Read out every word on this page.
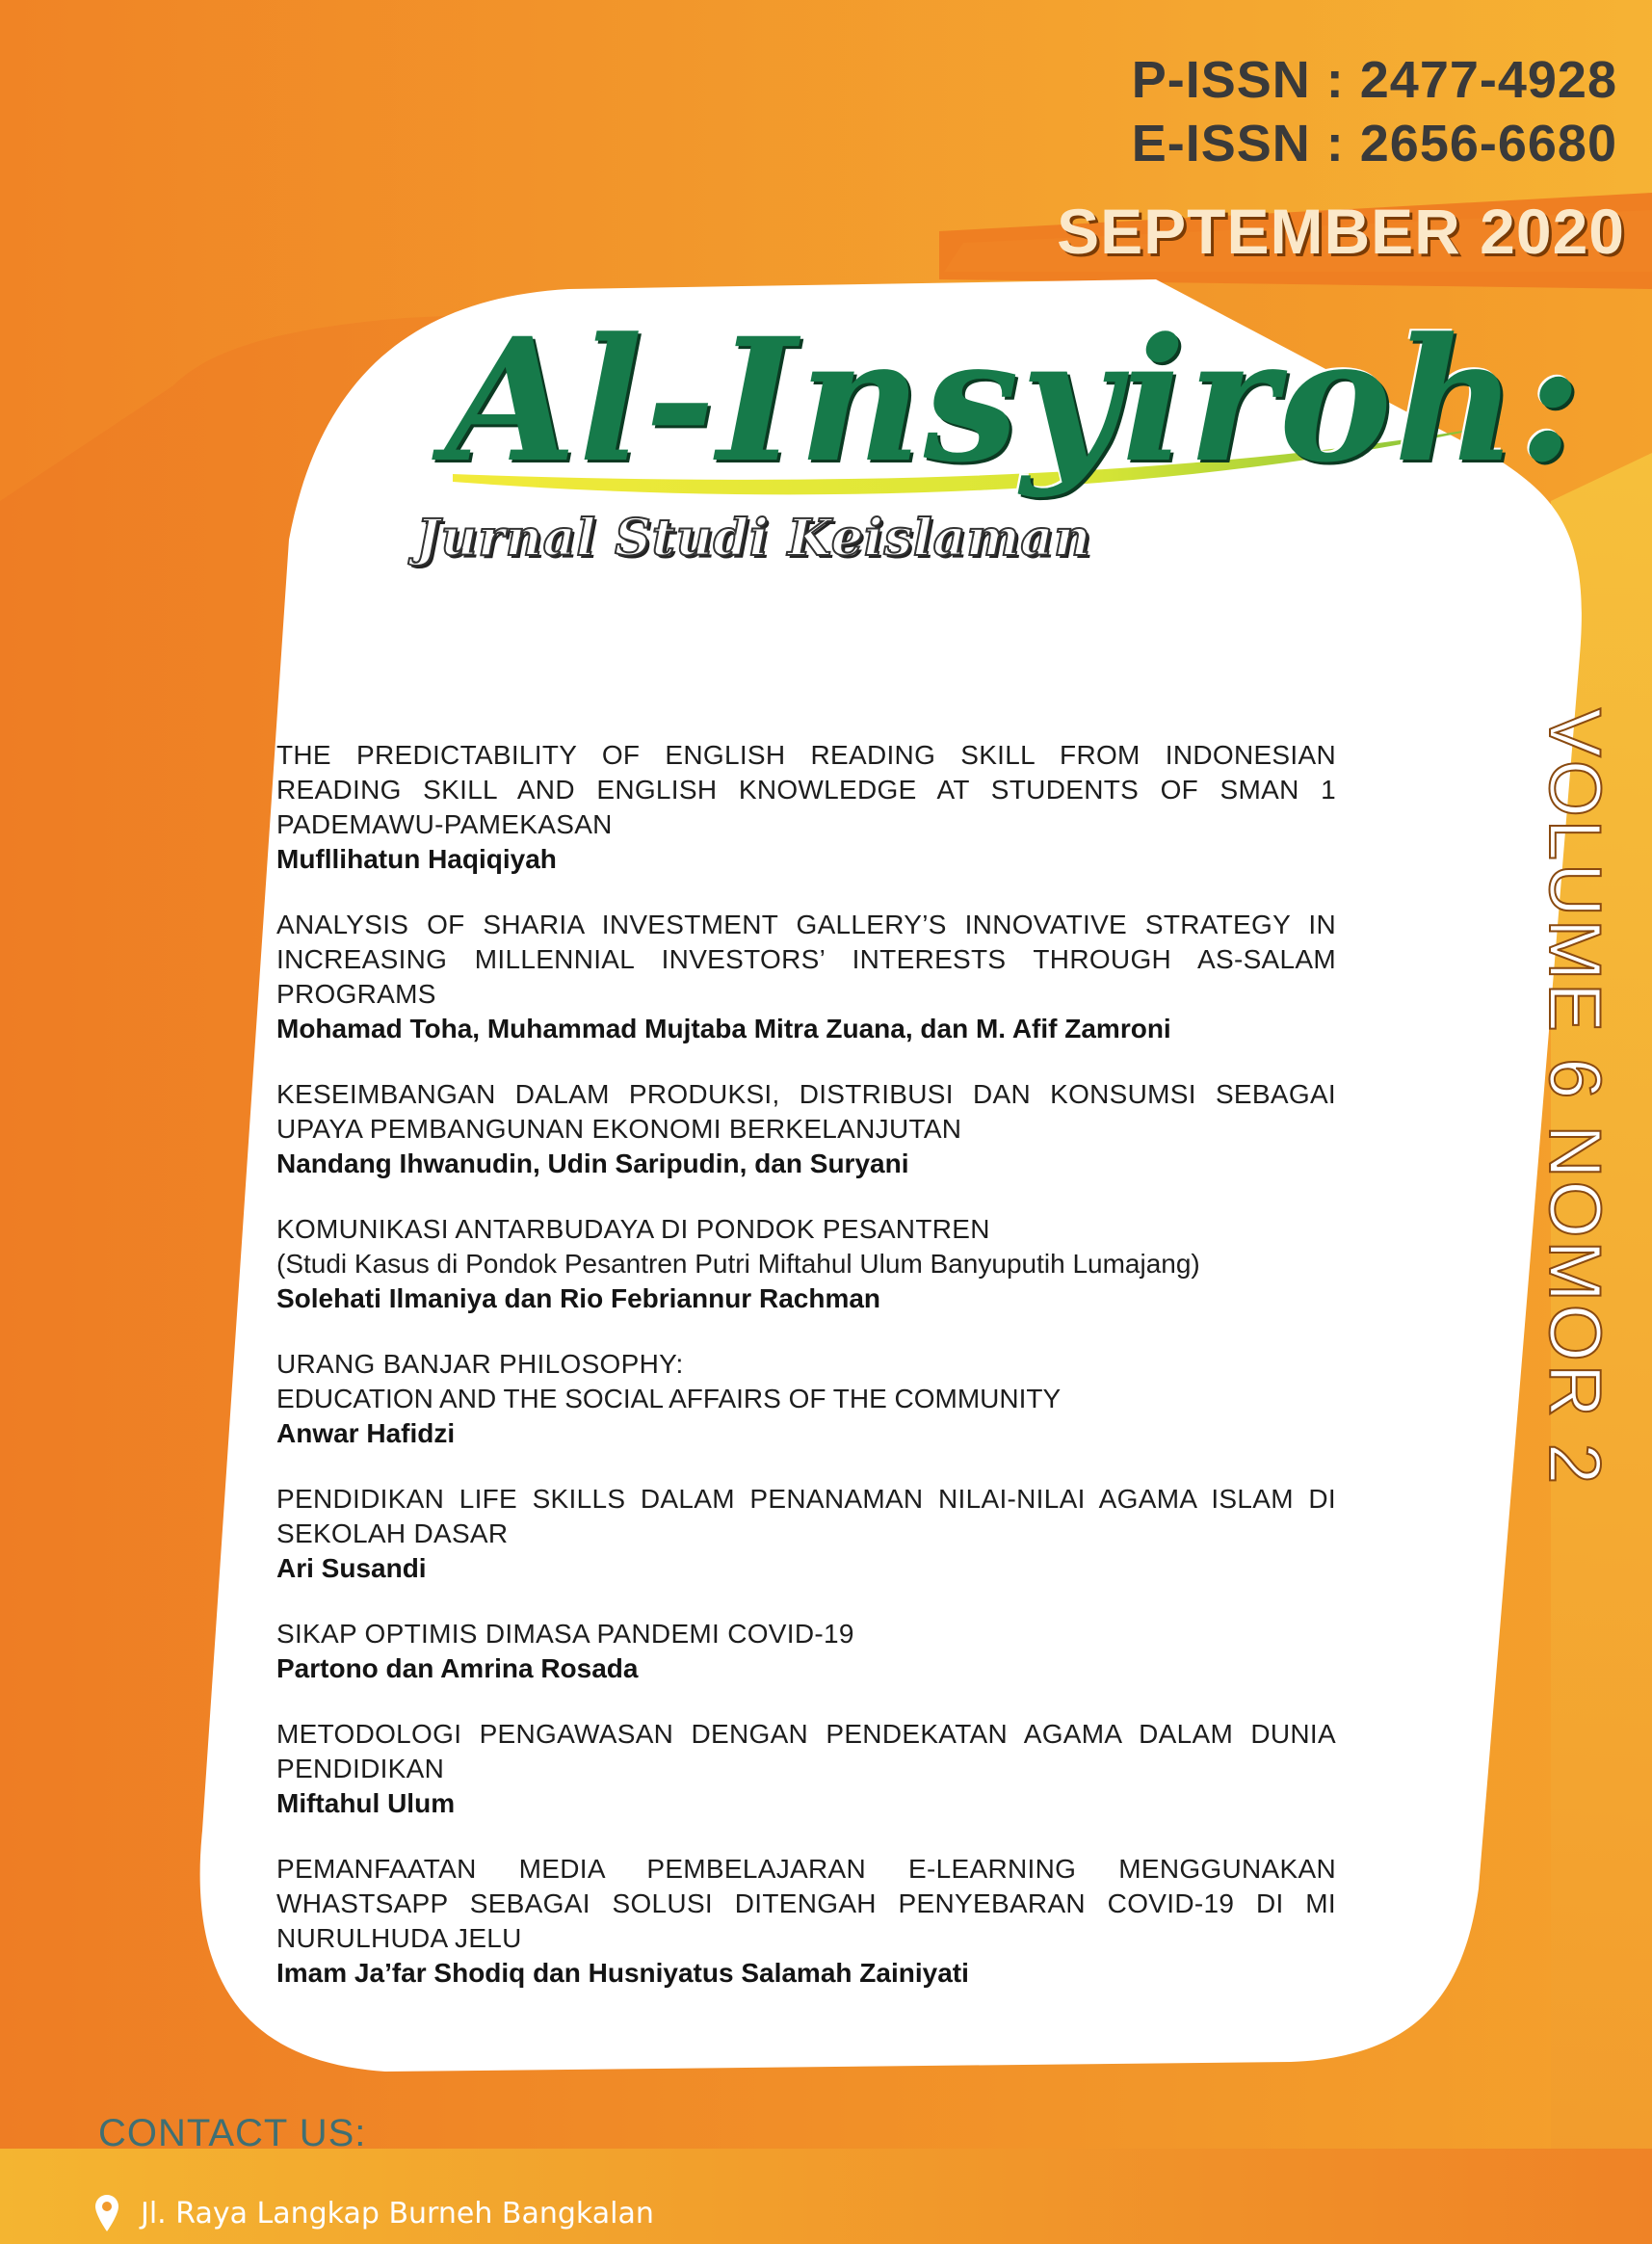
P-ISSN : 2477-4928
E-ISSN : 2656-6680
SEPTEMBER 2020
Al-Insyiroh:
Jurnal Studi Keislaman
VOLUME 6 NOMOR 2
THE PREDICTABILITY OF ENGLISH READING SKILL FROM INDONESIAN READING SKILL AND ENGLISH KNOWLEDGE AT STUDENTS OF SMAN 1 PADEMAWU-PAMEKASAN
Mufllihatun Haqiqiyah
ANALYSIS OF SHARIA INVESTMENT GALLERY’S INNOVATIVE STRATEGY IN INCREASING MILLENNIAL INVESTORS’ INTERESTS THROUGH AS-SALAM PROGRAMS
Mohamad Toha, Muhammad Mujtaba Mitra Zuana, dan M. Afif Zamroni
KESEIMBANGAN DALAM PRODUKSI, DISTRIBUSI DAN KONSUMSI SEBAGAI UPAYA PEMBANGUNAN EKONOMI BERKELANJUTAN
Nandang Ihwanudin, Udin Saripudin, dan Suryani
KOMUNIKASI ANTARBUDAYA DI PONDOK PESANTREN
(Studi Kasus di Pondok Pesantren Putri Miftahul Ulum Banyuputih Lumajang)
Solehati Ilmaniya dan Rio Febriannur Rachman
URANG BANJAR PHILOSOPHY:
EDUCATION AND THE SOCIAL AFFAIRS OF THE COMMUNITY
Anwar Hafidzi
PENDIDIKAN LIFE SKILLS DALAM PENANAMAN NILAI-NILAI AGAMA ISLAM DI SEKOLAH DASAR
Ari Susandi
SIKAP OPTIMIS DIMASA PANDEMI COVID-19
Partono dan Amrina Rosada
METODOLOGI PENGAWASAN DENGAN PENDEKATAN AGAMA DALAM DUNIA PENDIDIKAN
Miftahul Ulum
PEMANFAATAN MEDIA PEMBELAJARAN E-LEARNING MENGGUNAKAN WHASTSAPP SEBAGAI SOLUSI DITENGAH PENYEBARAN COVID-19 DI MI NURULHUDA JELU
Imam Ja’far Shodiq dan Husniyatus Salamah Zainiyati
CONTACT US:
Jl. Raya Langkap Burneh Bangkalan
